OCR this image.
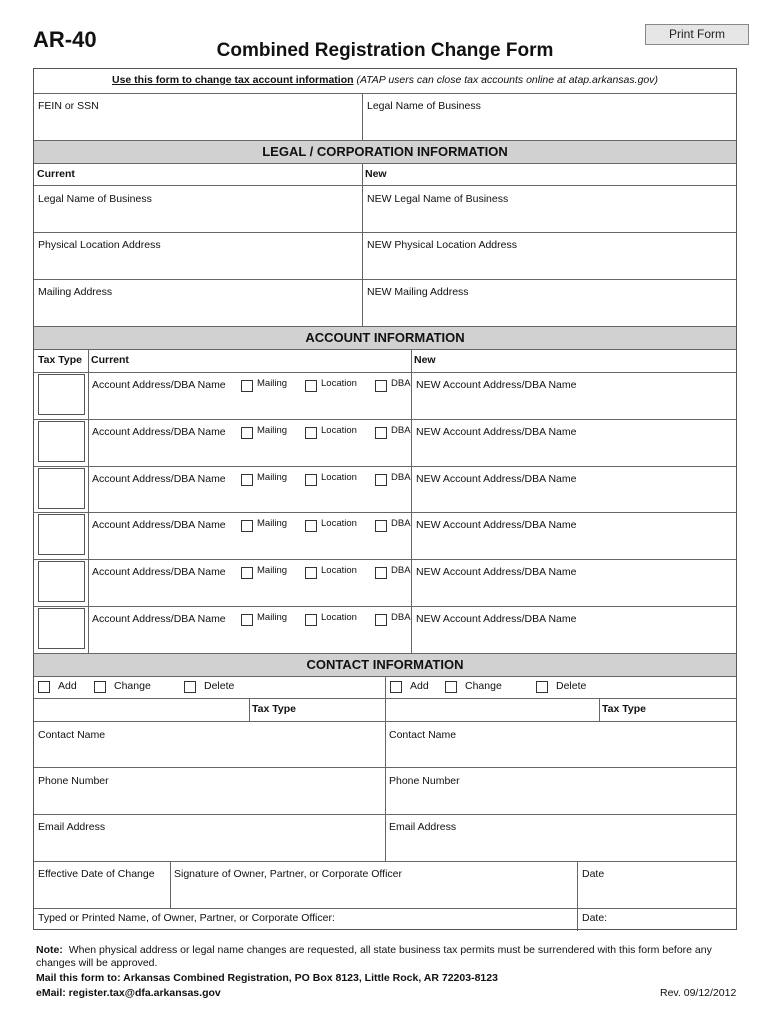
AR-40	Combined Registration Change Form
Print Form
Use this form to change tax account information (ATAP users can close tax accounts online at atap.arkansas.gov)
FEIN or SSN	Legal Name of Business
LEGAL / CORPORATION INFORMATION
Current	New
Legal Name of Business	NEW Legal Name of Business
Physical Location Address	NEW Physical Location Address
Mailing Address	NEW Mailing Address
ACCOUNT INFORMATION
Tax Type Current	New
Account Address/DBA Name	Mailing	Location	DBA NEW Account Address/DBA Name
Account Address/DBA Name	Mailing	Location	DBA NEW Account Address/DBA Name
Account Address/DBA Name	Mailing	Location	DBA NEW Account Address/DBA Name
Account Address/DBA Name	Mailing	Location	DBA NEW Account Address/DBA Name
Account Address/DBA Name	Mailing	Location	DBA NEW Account Address/DBA Name
Account Address/DBA Name	Mailing	Location	DBA NEW Account Address/DBA Name
CONTACT INFORMATION
Add	Change	Delete	Add	Change	Delete
Tax Type	Tax Type
Contact Name	Contact Name
Phone Number	Phone Number
Email Address	Email Address
Effective Date of Change Signature of Owner, Partner, or Corporate Officer	Date
Typed or Printed Name, of Owner, Partner, or Corporate Officer:	Date:
Note: When physical address or legal name changes are requested, all state business tax permits must be surrendered with this form before any changes will be approved.
Mail this form to: Arkansas Combined Registration, PO Box 8123, Little Rock, AR 72203-8123
eMail: register.tax@dfa.arkansas.gov	Rev. 09/12/2012
